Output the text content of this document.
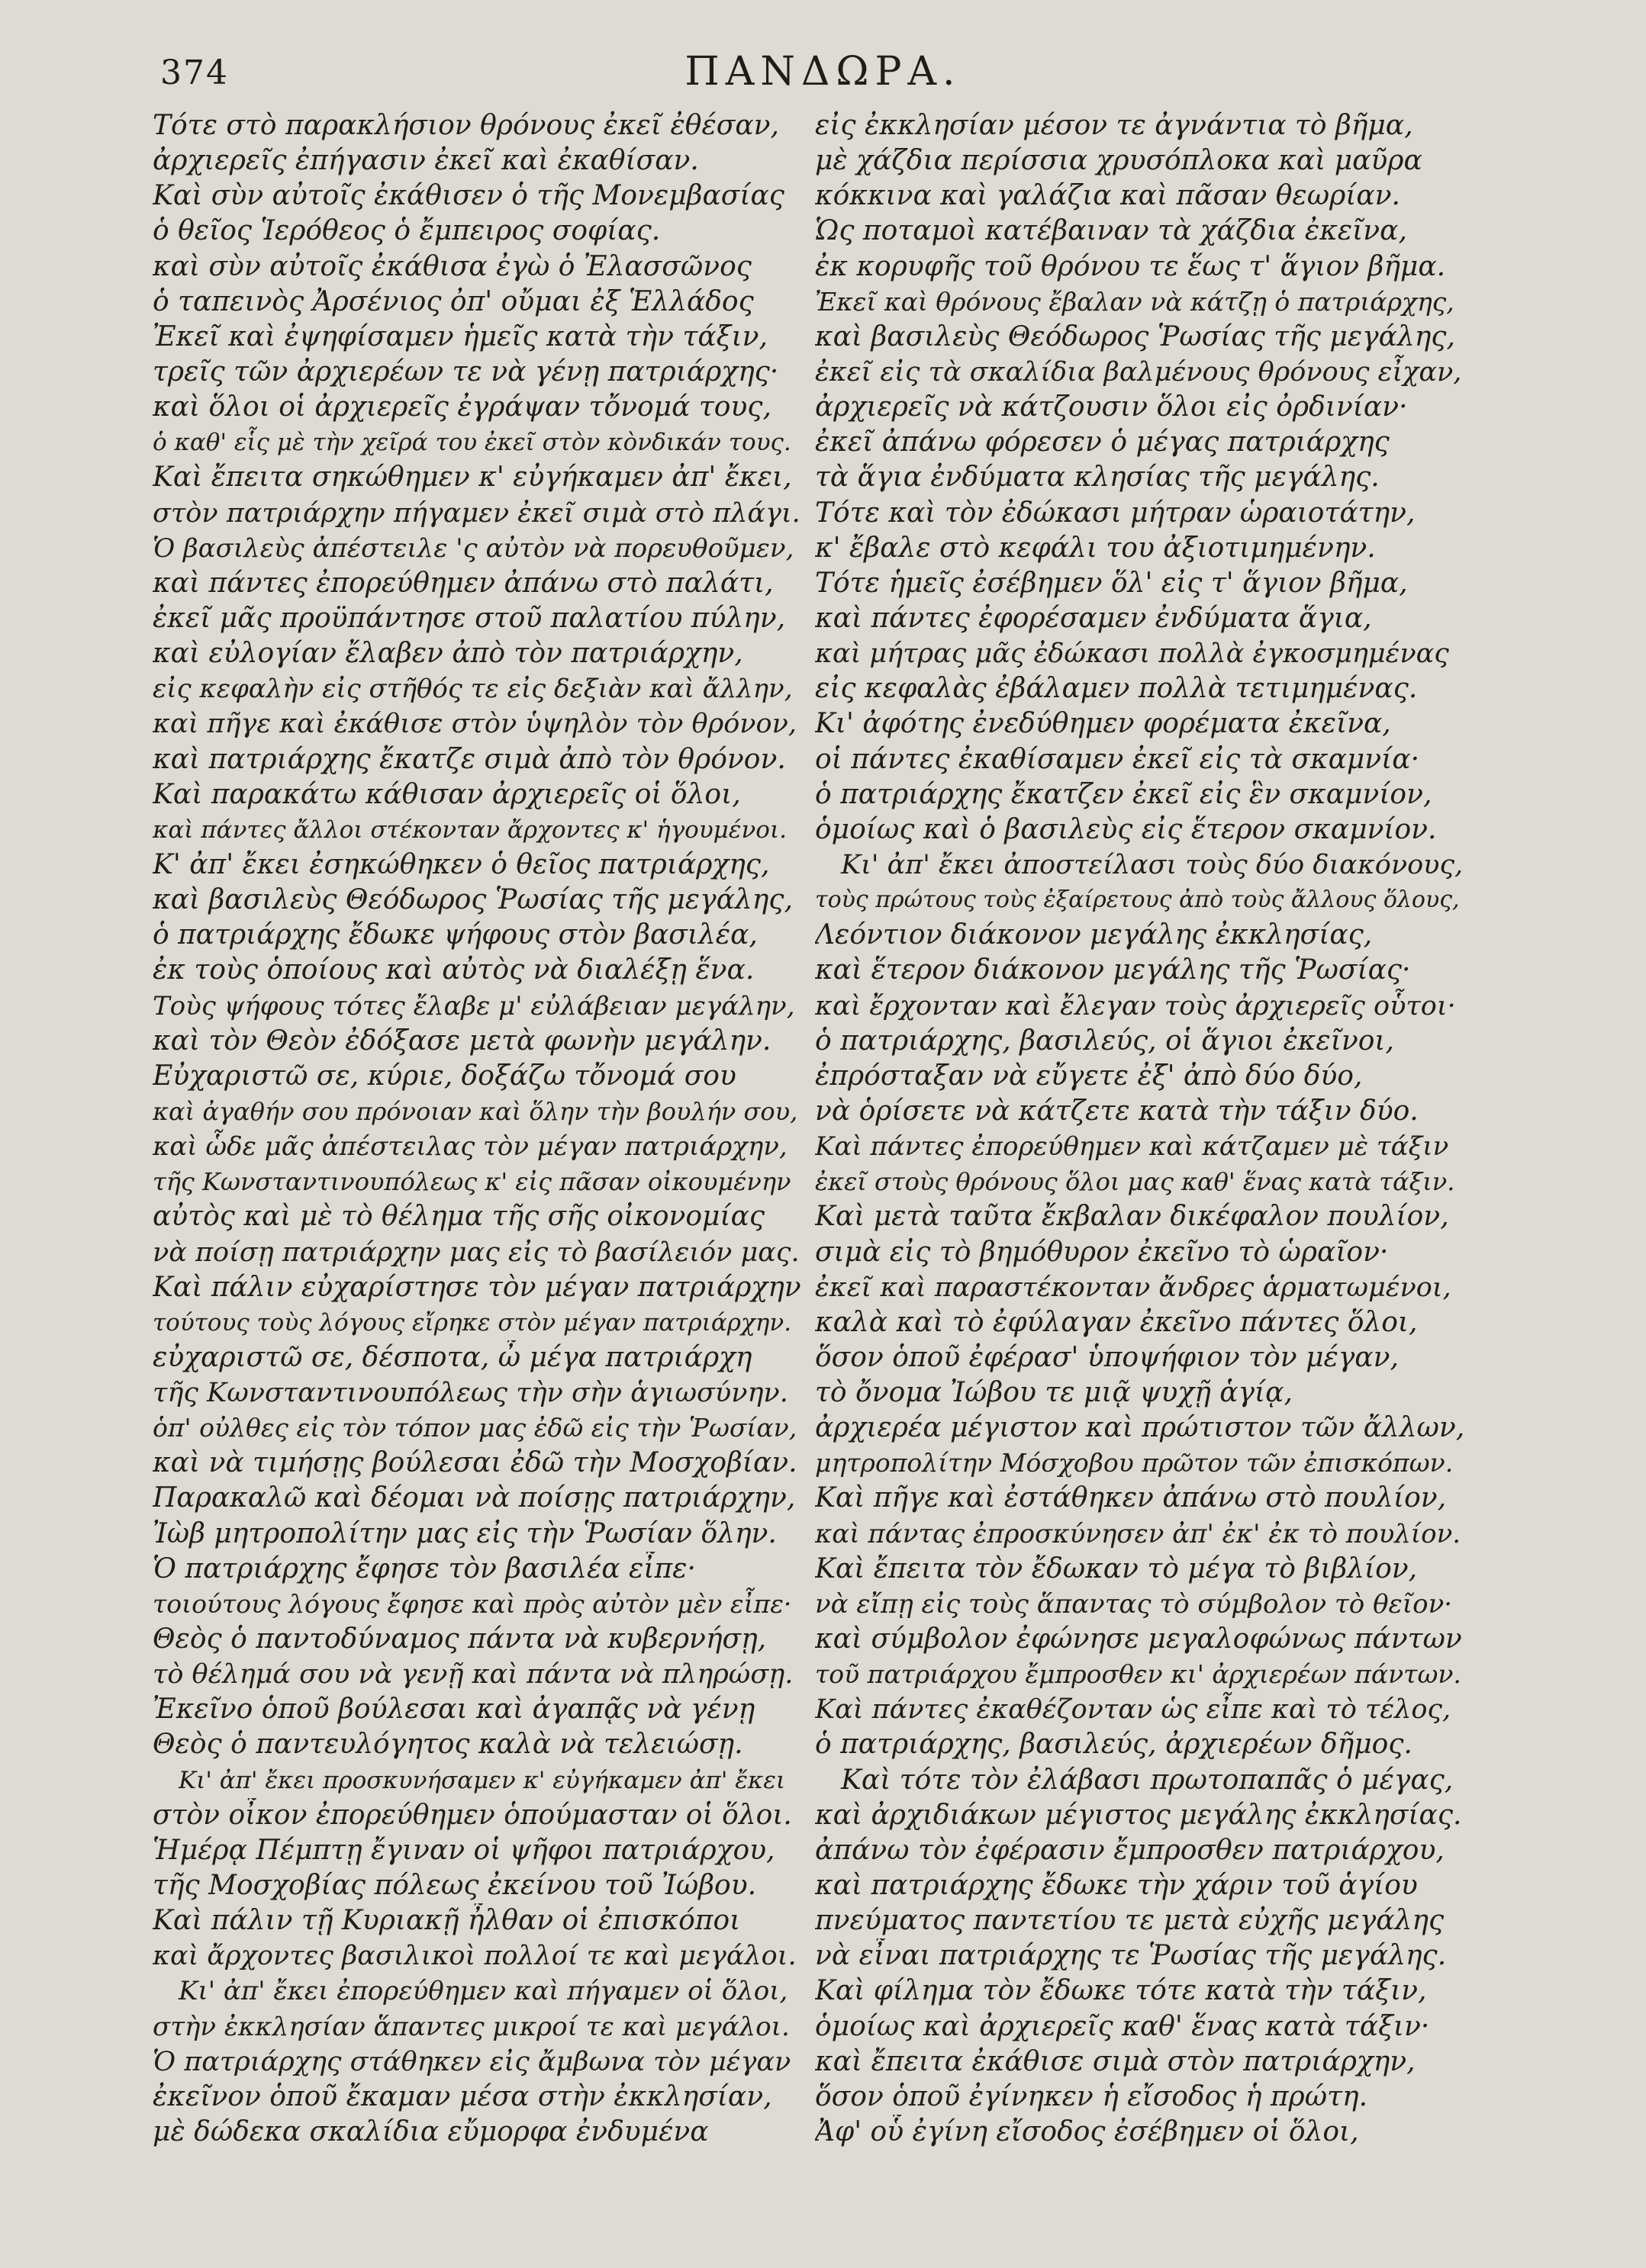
374	ΠΑΝΔΩΡΑ.
Τότε στὸ παρακλήσιον θρόνους ἐκεῖ ἐθέσαν,
ἀρχιερεῖς ἐπήγασιν ἐκεῖ καὶ ἐκαθίσαν.
Καὶ σὺν αὐτοῖς ἐκάθισεν ὁ τῆς Μονεμβασίας
ὁ θεῖος Ἱερόθεος ὁ ἔμπειρος σοφίας.
καὶ σὺν αὐτοῖς ἐκάθισα ἐγὼ ὁ Ἐλασσῶνος
ὁ ταπεινὸς Ἀρσένιος ὀπ' οὔμαι ἐξ Ἑλλάδος
Ἐκεῖ καὶ ἐψηφίσαμεν ἡμεῖς κατὰ τὴν τάξιν,
τρεῖς τῶν ἀρχιερέων τε νὰ γένῃ πατριάρχης·
καὶ ὅλοι οἱ ἀρχιερεῖς ἐγράψαν τὄνομά τους,
ὁ καθ' εἷς μὲ τὴν χεῖρά του ἐκεῖ στὸν κὸνδικάν τους.
Καὶ ἔπειτα σηκώθημεν κ' εὐγήκαμεν ἀπ' ἔκει,
στὸν πατριάρχην πήγαμεν ἐκεῖ σιμὰ στὸ πλάγι.
Ὁ βασιλεὺς ἀπέστειλε 'ς αὐτὸν νὰ πορευθοῦμεν,
καὶ πάντες ἐπορεύθημεν ἀπάνω στὸ παλάτι,
ἐκεῖ μᾶς προϋπάντησε στοῦ παλατίου πύλην,
καὶ εὐλογίαν ἔλαβεν ἀπὸ τὸν πατριάρχην,
εἰς κεφαλὴν εἰς στῆθός τε εἰς δεξιὰν καὶ ἄλλην,
καὶ πῆγε καὶ ἐκάθισε στὸν ὑψηλὸν τὸν θρόνον,
καὶ πατριάρχης ἔκατζε σιμὰ ἀπὸ τὸν θρόνον.
Καὶ παρακάτω κάθισαν ἀρχιερεῖς οἱ ὅλοι,
καὶ πάντες ἄλλοι στέκονταν ἄρχοντες κ' ἡγουμένοι.
Κ' ἀπ' ἔκει ἐσηκώθηκεν ὁ θεῖος πατριάρχης,
καὶ βασιλεὺς Θεόδωρος Ῥωσίας τῆς μεγάλης,
ὁ πατριάρχης ἔδωκε ψήφους στὸν βασιλέα,
ἐκ τοὺς ὁποίους καὶ αὐτὸς νὰ διαλέξῃ ἕνα.
Τοὺς ψήφους τότες ἔλαβε μ' εὐλάβειαν μεγάλην,
καὶ τὸν Θεὸν ἐδόξασε μετὰ φωνὴν μεγάλην.
Εὐχαριστῶ σε, κύριε, δοξάζω τὄνομά σου
καὶ ἀγαθήν σου πρόνοιαν καὶ ὅλην τὴν βουλήν σου,
καὶ ὧδε μᾶς ἀπέστειλας τὸν μέγαν πατριάρχην,
τῆς Κωνσταντινουπόλεως κ' εἰς πᾶσαν οἰκουμένην
αὐτὸς καὶ μὲ τὸ θέλημα τῆς σῆς οἰκονομίας
νὰ ποίσῃ πατριάρχην μας εἰς τὸ βασίλειόν μας.
Καὶ πάλιν εὐχαρίστησε τὸν μέγαν πατριάρχην
τούτους τοὺς λόγους εἴρηκε στὸν μέγαν πατριάρχην.
εὐχαριστῶ σε, δέσποτα, ὦ μέγα πατριάρχη
τῆς Κωνσταντινουπόλεως τὴν σὴν ἁγιωσύνην.
ὁπ' οὐλθες εἰς τὸν τόπον μας ἐδῶ εἰς τὴν Ῥωσίαν,
καὶ νὰ τιμήσῃς βούλεσαι ἐδῶ τὴν Μοσχοβίαν.
Παρακαλῶ καὶ δέομαι νὰ ποίσῃς πατριάρχην,
Ἰὼβ μητροπολίτην μας εἰς τὴν Ῥωσίαν ὅλην.
Ὁ πατριάρχης ἔφησε τὸν βασιλέα εἶπε·
τοιούτους λόγους ἔφησε καὶ πρὸς αὐτὸν μὲν εἶπε·
Θεὸς ὁ παντοδύναμος πάντα νὰ κυβερνήσῃ,
τὸ θέλημά σου νὰ γενῇ καὶ πάντα νὰ πληρώσῃ.
Ἐκεῖνο ὁποῦ βούλεσαι καὶ ἀγαπᾷς νὰ γένῃ
Θεὸς ὁ παντευλόγητος καλὰ νὰ τελειώσῃ.
Κι' ἀπ' ἔκει προσκυνήσαμεν κ' εὐγήκαμεν ἀπ' ἔκει
στὸν οἶκον ἐπορεύθημεν ὁπούμασταν οἱ ὅλοι.
Ἡμέρᾳ Πέμπτῃ ἔγιναν οἱ ψῆφοι πατριάρχου,
τῆς Μοσχοβίας πόλεως ἐκείνου τοῦ Ἰώβου.
Καὶ πάλιν τῇ Κυριακῇ ἦλθαν οἱ ἐπισκόποι
καὶ ἄρχοντες βασιλικοὶ πολλοί τε καὶ μεγάλοι.
Κι' ἀπ' ἔκει ἐπορεύθημεν καὶ πήγαμεν οἱ ὅλοι,
στὴν ἐκκλησίαν ἅπαντες μικροί τε καὶ μεγάλοι.
Ὁ πατριάρχης στάθηκεν εἰς ἄμβωνα τὸν μέγαν
ἐκεῖνον ὁποῦ ἔκαμαν μέσα στὴν ἐκκλησίαν,
μὲ δώδεκα σκαλίδια εὔμορφα ἐνδυμένα
εἰς ἐκκλησίαν μέσον τε ἀγνάντια τὸ βῆμα,
μὲ χάζδια περίσσια χρυσόπλοκα καὶ μαῦρα
κόκκινα καὶ γαλάζια καὶ πᾶσαν θεωρίαν.
Ὡς ποταμοὶ κατέβαιναν τὰ χάζδια ἐκεῖνα,
ἐκ κορυφῆς τοῦ θρόνου τε ἕως τ' ἅγιον βῆμα.
Ἐκεῖ καὶ θρόνους ἔβαλαν νὰ κάτζῃ ὁ πατριάρχης,
καὶ βασιλεὺς Θεόδωρος Ῥωσίας τῆς μεγάλης,
ἐκεῖ εἰς τὰ σκαλίδια βαλμένους θρόνους εἶχαν,
ἀρχιερεῖς νὰ κάτζουσιν ὅλοι εἰς ὀρδινίαν·
ἐκεῖ ἀπάνω φόρεσεν ὁ μέγας πατριάρχης
τὰ ἅγια ἐνδύματα κλησίας τῆς μεγάλης.
Τότε καὶ τὸν ἐδώκασι μήτραν ὡραιοτάτην,
κ' ἔβαλε στὸ κεφάλι του ἀξιοτιμημένην.
Τότε ἡμεῖς ἐσέβημεν ὅλ' εἰς τ' ἅγιον βῆμα,
καὶ πάντες ἐφορέσαμεν ἐνδύματα ἅγια,
καὶ μήτρας μᾶς ἐδώκασι πολλὰ ἐγκοσμημένας
εἰς κεφαλὰς ἐβάλαμεν πολλὰ τετιμημένας.
Κι' ἀφότης ἐνεδύθημεν φορέματα ἐκεῖνα,
οἱ πάντες ἐκαθίσαμεν ἐκεῖ εἰς τὰ σκαμνία·
ὁ πατριάρχης ἔκατζεν ἐκεῖ εἰς ἓν σκαμνίον,
ὁμοίως καὶ ὁ βασιλεὺς εἰς ἕτερον σκαμνίον.
Κι' ἀπ' ἔκει ἀποστείλασι τοὺς δύο διακόνους,
τοὺς πρώτους τοὺς ἐξαίρετους ἀπὸ τοὺς ἄλλους ὅλους,
Λεόντιον διάκονον μεγάλης ἐκκλησίας,
καὶ ἕτερον διάκονον μεγάλης τῆς Ῥωσίας·
καὶ ἔρχονταν καὶ ἔλεγαν τοὺς ἀρχιερεῖς οὗτοι·
ὁ πατριάρχης, βασιλεύς, οἱ ἅγιοι ἐκεῖνοι,
ἐπρόσταξαν νὰ εὔγετε ἐξ' ἀπὸ δύο δύο,
νὰ ὁρίσετε νὰ κάτζετε κατὰ τὴν τάξιν δύο.
Καὶ πάντες ἐπορεύθημεν καὶ κάτζαμεν μὲ τάξιν
ἐκεῖ στοὺς θρόνους ὅλοι μας καθ' ἕνας κατὰ τάξιν.
Καὶ μετὰ ταῦτα ἔκβαλαν δικέφαλον πουλίον,
σιμὰ εἰς τὸ βημόθυρον ἐκεῖνο τὸ ὡραῖον·
ἐκεῖ καὶ παραστέκονταν ἄνδρες ἁρματωμένοι,
καλὰ καὶ τὸ ἐφύλαγαν ἐκεῖνο πάντες ὅλοι,
ὅσον ὁποῦ ἐφέρασ' ὑποψήφιον τὸν μέγαν,
τὸ ὄνομα Ἰώβου τε μιᾷ ψυχῇ ἁγίᾳ,
ἀρχιερέα μέγιστον καὶ πρώτιστον τῶν ἄλλων,
μητροπολίτην Μόσχοβου πρῶτον τῶν ἐπισκόπων.
Καὶ πῆγε καὶ ἐστάθηκεν ἀπάνω στὸ πουλίον,
καὶ πάντας ἐπροσκύνησεν ἀπ' ἐκ' ἐκ τὸ πουλίον.
Καὶ ἔπειτα τὸν ἔδωκαν τὸ μέγα τὸ βιβλίον,
νὰ εἴπῃ εἰς τοὺς ἅπαντας τὸ σύμβολον τὸ θεῖον·
καὶ σύμβολον ἐφώνησε μεγαλοφώνως πάντων
τοῦ πατριάρχου ἔμπροσθεν κι' ἀρχιερέων πάντων.
Καὶ πάντες ἐκαθέζονταν ὡς εἶπε καὶ τὸ τέλος,
ὁ πατριάρχης, βασιλεύς, ἀρχιερέων δῆμος.
Καὶ τότε τὸν ἐλάβασι πρωτοπαπᾶς ὁ μέγας,
καὶ ἀρχιδιάκων μέγιστος μεγάλης ἐκκλησίας.
ἀπάνω τὸν ἐφέρασιν ἔμπροσθεν πατριάρχου,
καὶ πατριάρχης ἔδωκε τὴν χάριν τοῦ ἁγίου
πνεύματος παντετίου τε μετὰ εὐχῆς μεγάλης
νὰ εἶναι πατριάρχης τε Ῥωσίας τῆς μεγάλης.
Καὶ φίλημα τὸν ἔδωκε τότε κατὰ τὴν τάξιν,
ὁμοίως καὶ ἀρχιερεῖς καθ' ἕνας κατὰ τάξιν·
καὶ ἔπειτα ἐκάθισε σιμὰ στὸν πατριάρχην,
ὅσον ὁποῦ ἐγίνηκεν ἡ εἴσοδος ἡ πρώτη.
Ἀφ' οὗ ἐγίνη εἴσοδος ἐσέβημεν οἱ ὅλοι,
